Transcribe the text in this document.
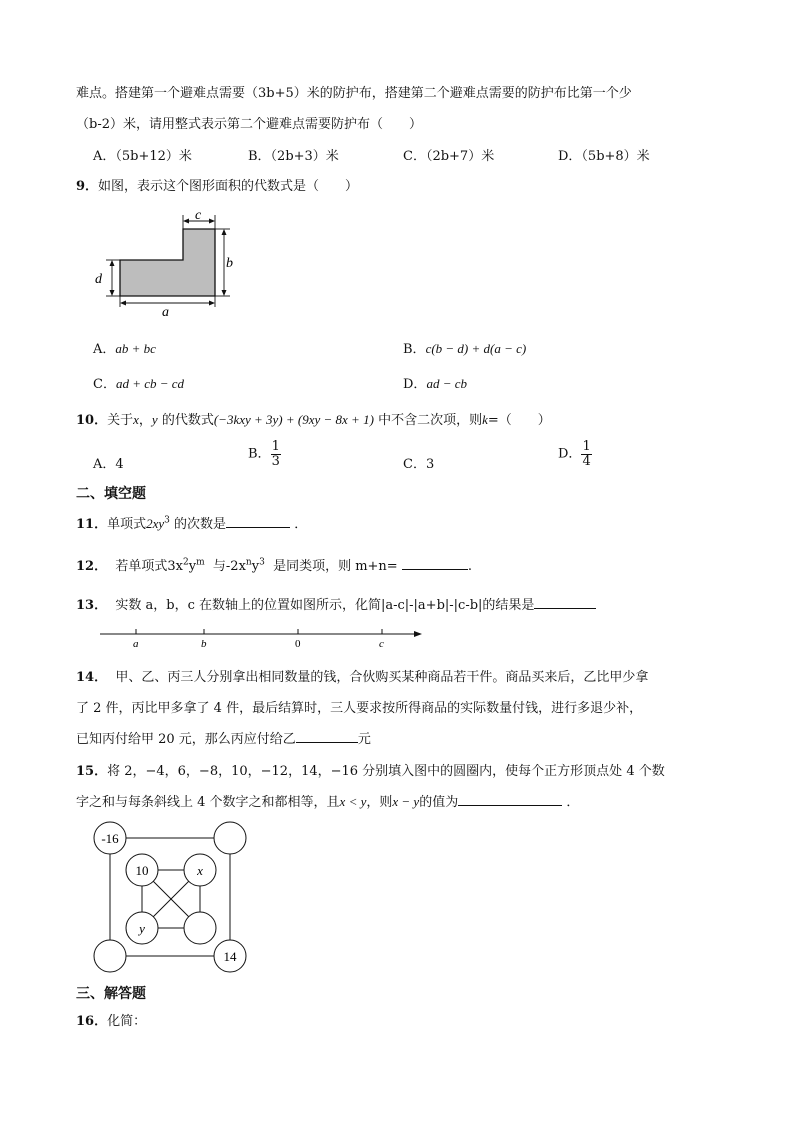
难点。搭建第一个避难点需要（3b+5）米的防护布，搭建第二个避难点需要的防护布比第一个少
（b-2）米，请用整式表示第二个避难点需要防护布（　　）
A．（5b+12）米	B．（2b+3）米	C．（2b+7）米	D．（5b+8）米
9．如图，表示这个图形面积的代数式是（　　）
c
b
d
a
A．ab + bc	B．c(b − d) + d(a − c)
C．ad + cb − cd	D．ad − cb
10．关于x，y 的代数式(−3kxy + 3y) + (9xy − 8x + 1) 中不含二次项，则k=（　　）
A．4
B． $\frac{1}{3}$	C．3
D． $\frac{1}{4}$
二、填空题
11．单项式$2xy^3$ 的次数是	．
12． 若单项式$3x^2y^m$ 与$-2x^ny^3$ 是同类项，则 m+n=	.
13． 实数 a，b，c 在数轴上的位置如图所示，化简|a-c|-|a+b|-|c-b|的结果是
a	b	0	c
14． 甲、乙、丙三人分别拿出相同数量的钱，合伙购买某种商品若干件。商品买来后，乙比甲少拿
了 2 件，丙比甲多拿了 4 件，最后结算时，三人要求按所得商品的实际数量付钱，进行多退少补，
已知丙付给甲 20 元，那么丙应付给乙	元
15．将 2，−4，6，−8，10，−12，14，−16 分别填入图中的圆圈内，使每个正方形顶点处 4 个数
字之和与每条斜线上 4 个数字之和都相等，且x < y，则x − y的值为	．
-16
10	x
y
14
三、解答题
16．化简：
